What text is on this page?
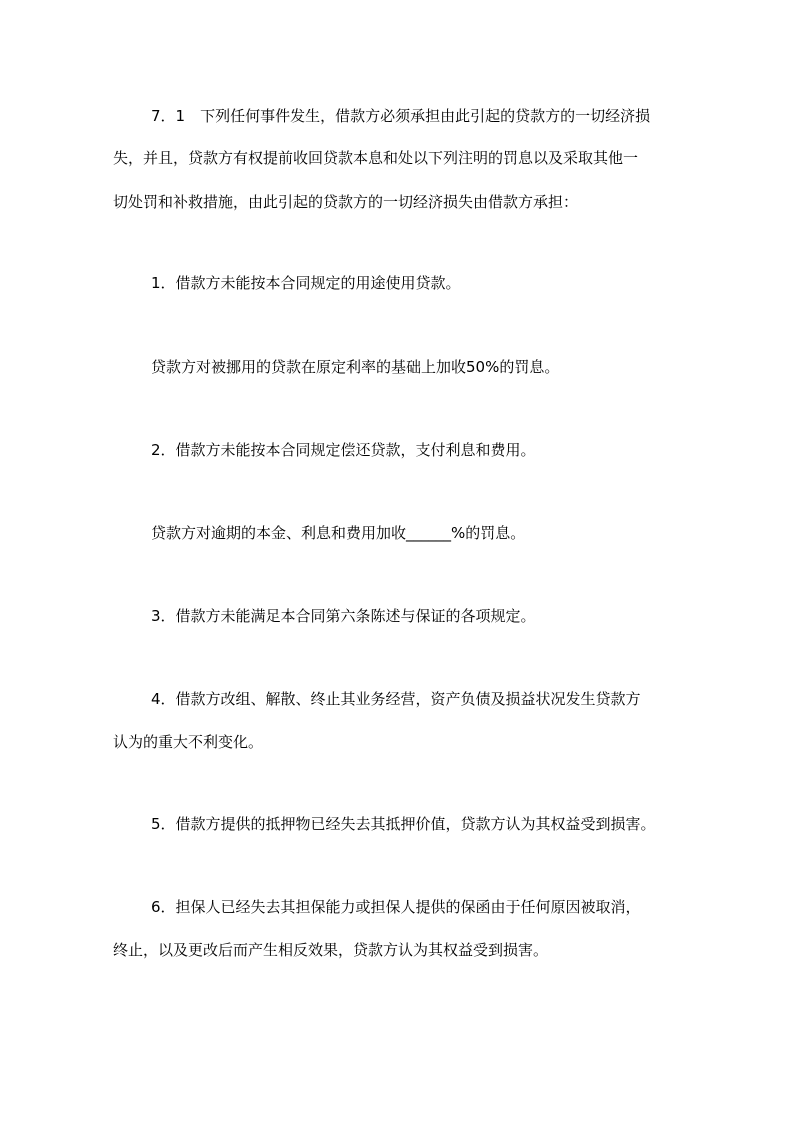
7．1　下列任何事件发生，借款方必须承担由此引起的贷款方的一切经济损
失，并且，贷款方有权提前收回贷款本息和处以下列注明的罚息以及采取其他一
切处罚和补救措施，由此引起的贷款方的一切经济损失由借款方承担：
1．借款方未能按本合同规定的用途使用贷款。
贷款方对被挪用的贷款在原定利率的基础上加收50%的罚息。
2．借款方未能按本合同规定偿还贷款，支付利息和费用。
贷款方对逾期的本金、利息和费用加收______%的罚息。
3．借款方未能满足本合同第六条陈述与保证的各项规定。
4．借款方改组、解散、终止其业务经营，资产负债及损益状况发生贷款方
认为的重大不利变化。
5．借款方提供的抵押物已经失去其抵押价值，贷款方认为其权益受到损害。
6．担保人已经失去其担保能力或担保人提供的保函由于任何原因被取消，
终止，以及更改后而产生相反效果，贷款方认为其权益受到损害。
